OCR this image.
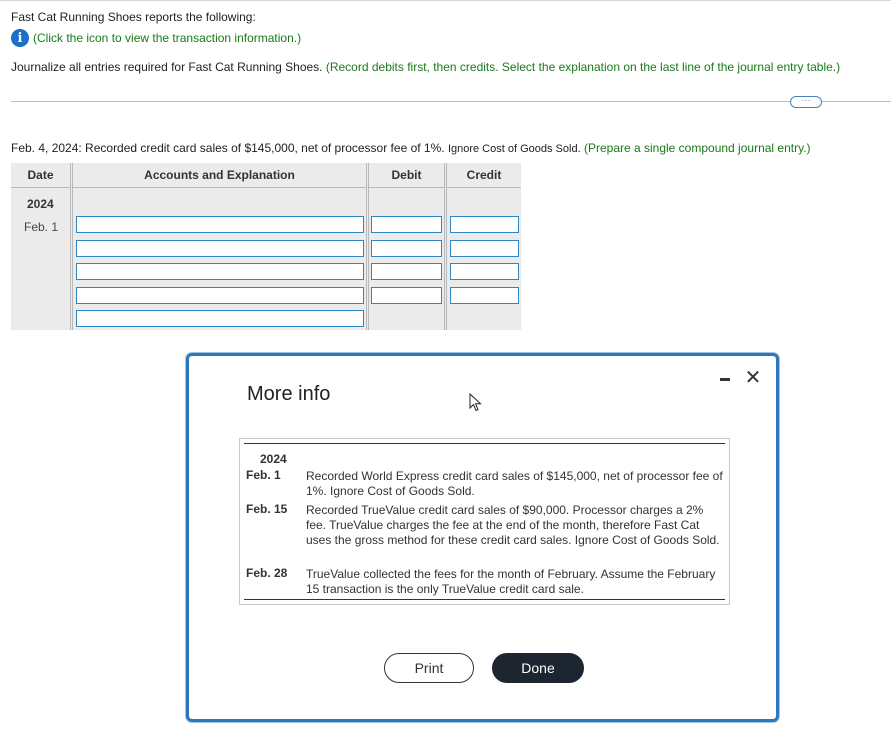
Fast Cat Running Shoes reports the following:
i (Click the icon to view the transaction information.)
Journalize all entries required for Fast Cat Running Shoes. (Record debits first, then credits. Select the explanation on the last line of the journal entry table.)
···
Feb. 4, 2024: Recorded credit card sales of $145,000, net of processor fee of 1%. Ignore Cost of Goods Sold. (Prepare a single compound journal entry.)
Date	Accounts and Explanation	Debit	Credit
2024
Feb. 1
More info
✕
2024
Feb. 1 Recorded World Express credit card sales of $145,000, net of processor fee of 1%. Ignore Cost of Goods Sold.
Feb. 15 Recorded TrueValue credit card sales of $90,000. Processor charges a 2% fee. TrueValue charges the fee at the end of the month, therefore Fast Cat uses the gross method for these credit card sales. Ignore Cost of Goods Sold.
Feb. 28 TrueValue collected the fees for the month of February. Assume the February 15 transaction is the only TrueValue credit card sale.
Print	Done
